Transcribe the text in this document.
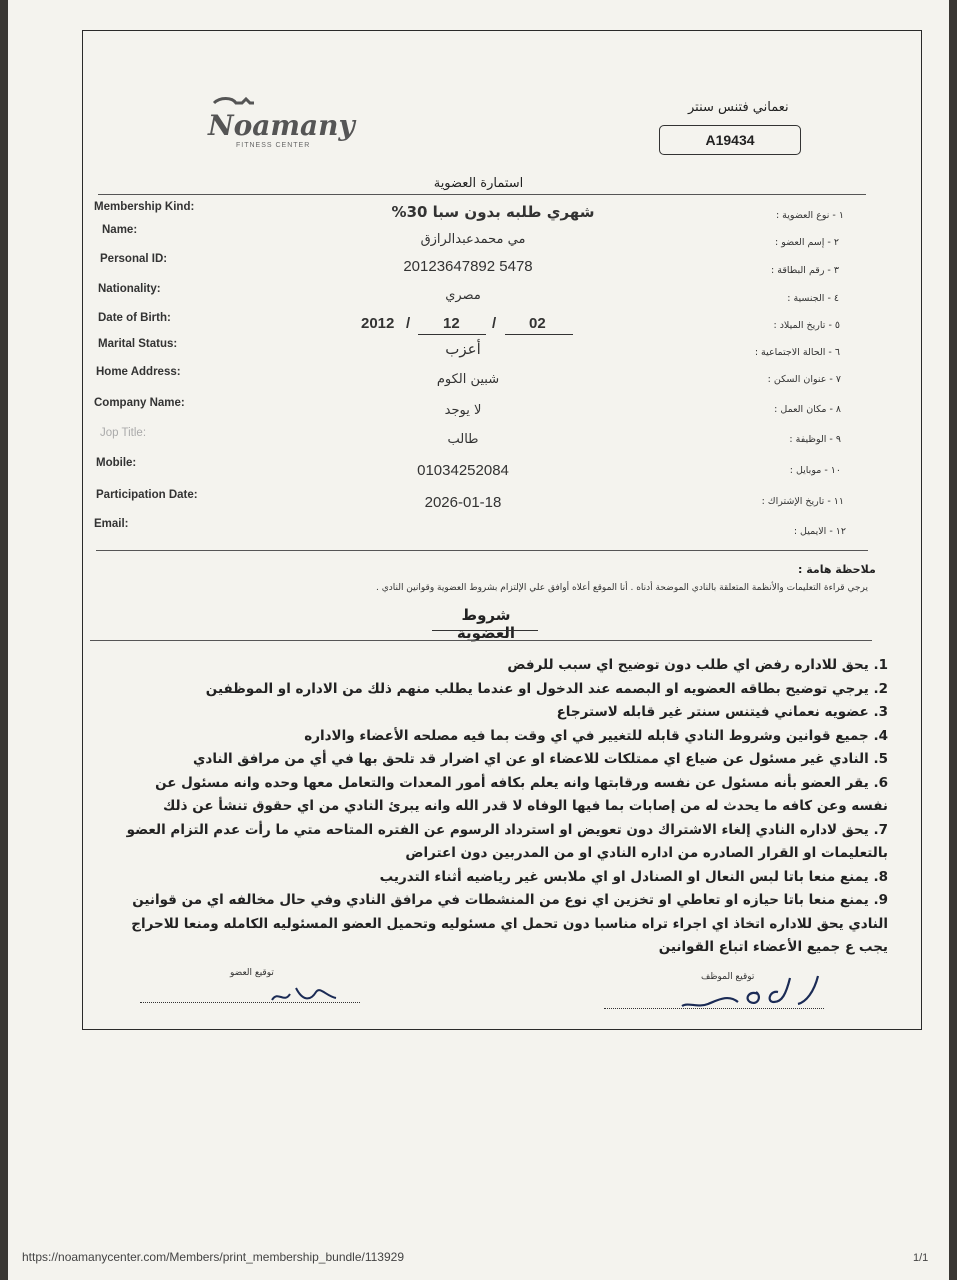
Noamany
FITNESS CENTER
نعماني فتنس سنتر
A19434
استمارة العضوية
Membership Kind:
١ - نوع العضوية :
شهري طلبه بدون سبا 30%
Name:
٢ - إسم العضو :
مي محمدعبدالرازق
Personal ID:
٣ - رقم البطاقة :
20123647892 5478
Nationality:
٤ - الجنسية :
مصري
Date of Birth:
٥ - تاريخ الميلاد :
2012 / 12 / 02
Marital Status:
٦ - الحالة الاجتماعية :
أعزب
Home Address:
٧ - عنوان السكن :
شبين الكوم
Company Name:
٨ - مكان العمل :
لا يوجد
Jop Title:
٩ - الوظيفة :
طالب
Mobile:
١٠ - موبايل :
01034252084
Participation Date:
١١ - تاريخ الإشتراك :
2026-01-18
Email:
١٢ - الايميل :
ملاحظة هامة :
يرجي قراءة التعليمات والأنظمة المتعلقة بالنادي الموضحة أدناه . أنا الموقع أعلاه أوافق علي الإلتزام بشروط العضوية وقوانين النادي .
شروط العضوية

1. يحق للاداره رفض اي طلب دون توضيح اي سبب للرفض

2. يرجي توضيح بطاقه العضويه او البصمه عند الدخول او عندما يطلب منهم ذلك من الاداره او الموظفين

3. عضويه نعماني فيتنس سنتر غير قابله لاسترجاع

4. جميع قوانين وشروط النادي قابله للتغيير في اي وقت بما فيه مصلحه الأعضاء والاداره

5. النادي غير مسئول عن ضياع اي ممتلكات للاعضاء او عن اي اضرار قد تلحق بها في أي من مرافق النادي

6. يقر العضو بأنه مسئول عن نفسه ورقابتها وانه يعلم بكافه أمور المعدات والتعامل معها وحده وانه مسئول عن نفسه وعن كافه ما يحدث له من إصابات بما فيها الوفاه لا قدر الله وانه يبرئ النادي من اي حقوق تنشأ عن ذلك

7. يحق لاداره النادي إلغاء الاشتراك دون تعويض او استرداد الرسوم عن الفتره المتاحه متي ما رأت عدم التزام العضو بالتعليمات او القرار الصادره من اداره النادي او من المدربين دون اعتراض

8. يمنع منعا باتا لبس النعال او الصنادل او اي ملابس غير رياضيه أثناء التدريب

9. يمنع منعا باتا حيازه او تعاطي او تخزين اي نوع من المنشطات في مرافق النادي وفي حال مخالفه اي من قوانين النادي يحق للاداره اتخاذ اي اجراء تراه مناسبا دون تحمل اي مسئوليه وتحميل العضو المسئوليه الكامله ومنعا للاحراج يجب ع جميع الأعضاء اتباع القوانين

توقيع العضو	توقيع الموظف
https://noamanycenter.com/Members/print_membership_bundle/113929	1/1
